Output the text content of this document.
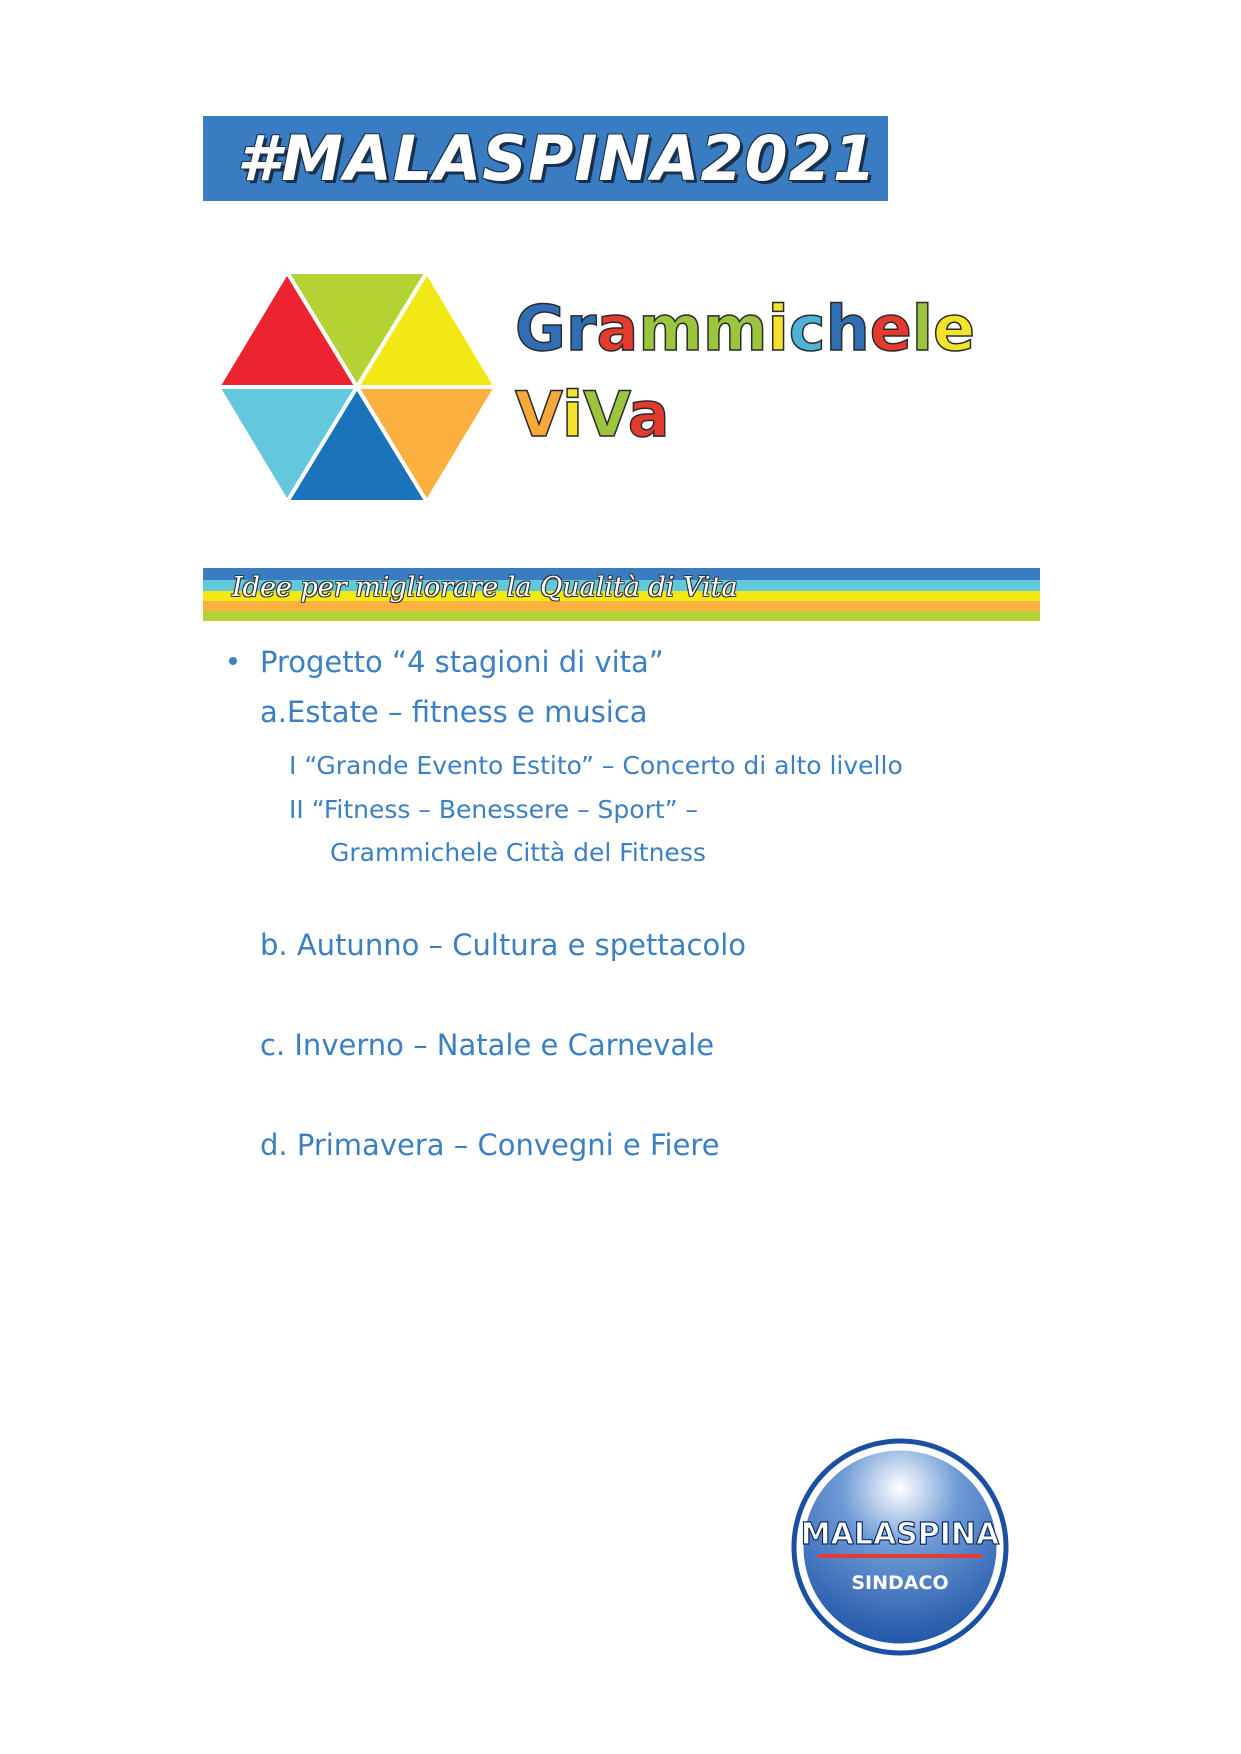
#MALASPINA2021
Grammichele
ViVa
Idee per migliorare la Qualità di Vita
Progetto “4 stagioni di vita”
a.Estate – fitness e musica
I “Grande Evento Estito” – Concerto di alto livello
II “Fitness – Benessere – Sport” –
Grammichele Città del Fitness
b. Autunno – Cultura e spettacolo
c. Inverno – Natale e Carnevale
d. Primavera – Convegni e Fiere
MALASPINA
SINDACO
